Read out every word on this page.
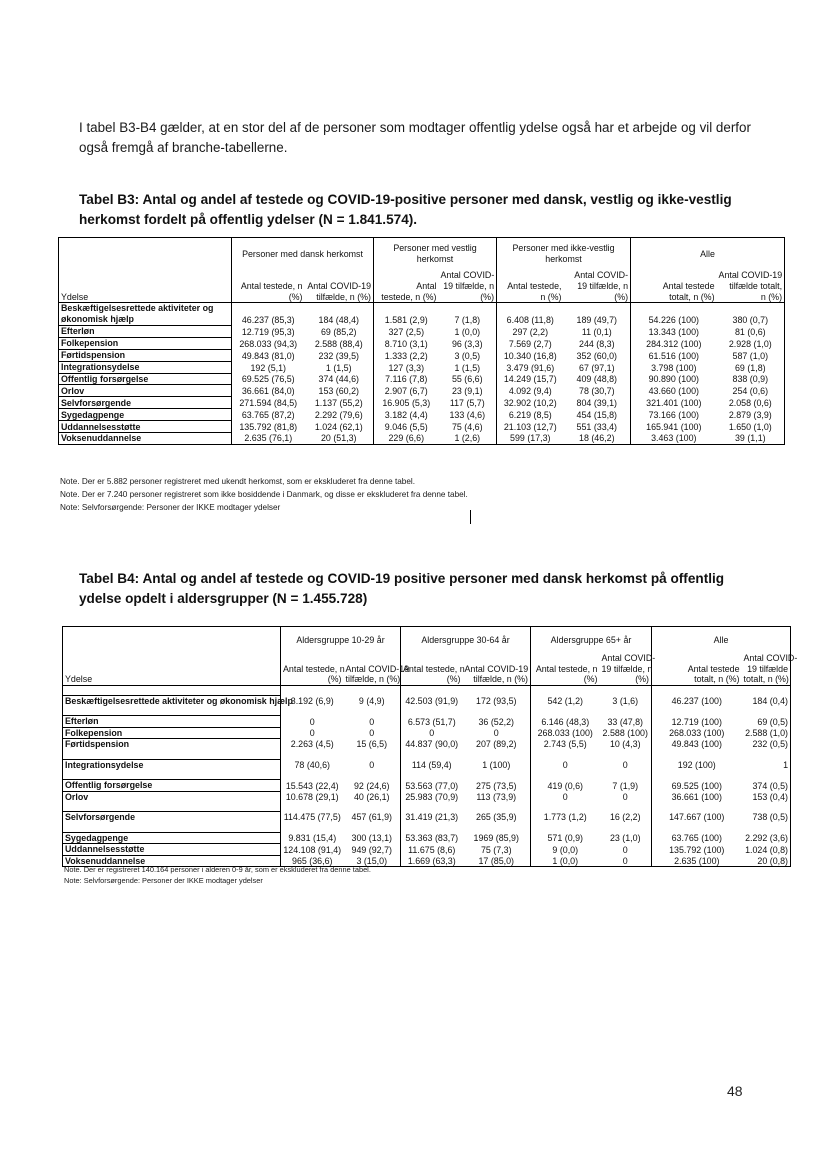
I tabel B3-B4 gælder, at en stor del af de personer som modtager offentlig ydelse også har et arbejde og vil derfor også fremgå af branche-tabellerne.
Tabel B3: Antal og andel af testede og COVID-19-positive personer med dansk, vestlig og ikke-vestlig herkomst fordelt på offentlig ydelser (N = 1.841.574).
	Personer med dansk herkomst		Personer med vestlig herkomst		Personer med ikke-vestlig herkomst		Alle	
				Antal COVID-		Antal COVID-		Antal COVID-19
	Antal testede, n	Antal COVID-19	Antal	19 tilfælde, n	Antal testede,	19 tilfælde, n	Antal testede	tilfælde totalt,
Ydelse	(%)	tilfælde, n (%)	testede, n (%)	(%)	n (%)	(%)	totalt, n (%)	n (%)
Beskæftigelsesrettede aktiviteter og økonomisk hjælp	46.237 (85,3)	184 (48,4)	1.581 (2,9)	7 (1,8)	6.408 (11,8)	189 (49,7)	54.226 (100)	380 (0,7)
Efterløn	12.719 (95,3)	69 (85,2)	327 (2,5)	1 (0,0)	297 (2,2)	11 (0,1)	13.343 (100)	81 (0,6)
Folkepension	268.033 (94,3)	2.588 (88,4)	8.710 (3,1)	96 (3,3)	7.569 (2,7)	244 (8,3)	284.312 (100)	2.928 (1,0)
Førtidspension	49.843 (81,0)	232 (39,5)	1.333 (2,2)	3 (0,5)	10.340 (16,8)	352 (60,0)	61.516 (100)	587 (1,0)
Integrationsydelse	192 (5,1)	1 (1,5)	127 (3,3)	1 (1,5)	3.479 (91,6)	67 (97,1)	3.798 (100)	69 (1,8)
Offentlig forsørgelse	69.525 (76,5)	374 (44,6)	7.116 (7,8)	55 (6,6)	14.249 (15,7)	409 (48,8)	90.890 (100)	838 (0,9)
Orlov	36.661 (84,0)	153 (60,2)	2.907 (6,7)	23 (9,1)	4.092 (9,4)	78 (30,7)	43.660 (100)	254 (0,6)
Selvforsørgende	271.594 (84,5)	1.137 (55,2)	16.905 (5,3)	117 (5,7)	32.902 (10,2)	804 (39,1)	321.401 (100)	2.058 (0,6)
Sygedagpenge	63.765 (87,2)	2.292 (79,6)	3.182 (4,4)	133 (4,6)	6.219 (8,5)	454 (15,8)	73.166 (100)	2.879 (3,9)
Uddannelsesstøtte	135.792 (81,8)	1.024 (62,1)	9.046 (5,5)	75 (4,6)	21.103 (12,7)	551 (33,4)	165.941 (100)	1.650 (1,0)
Voksenuddannelse	2.635 (76,1)	20 (51,3)	229 (6,6)	1 (2,6)	599 (17,3)	18 (46,2)	3.463 (100)	39 (1,1)
Note. Der er 5.882 personer registreret med ukendt herkomst, som er ekskluderet fra denne tabel.
Note. Der er 7.240 personer registreret som ikke bosiddende i Danmark, og disse er ekskluderet fra denne tabel.
Note: Selvforsørgende: Personer der IKKE modtager ydelser
Tabel B4: Antal og andel af testede og COVID-19 positive personer med dansk herkomst på offentlig ydelse opdelt i aldersgrupper (N = 1.455.728)
	Aldersgruppe 10-29 år		Aldersgruppe 30-64 år		Aldersgruppe 65+ år		Alle	
						Antal COVID-		Antal COVID-
	Antal testede, n	Antal COVID-19	Antal testede, n	Antal COVID-19	Antal testede, n	19 tilfælde, n	Antal testede	19 tilfælde
Ydelse	(%)	tilfælde, n (%)	(%)	tilfælde, n (%)	(%)	(%)	totalt, n (%)	totalt, n (%)

Beskæftigelsesrettede aktiviteter og økonomisk hjælp	3.192 (6,9)	9 (4,9)	42.503 (91,9)	172 (93,5)	542 (1,2)	3 (1,6)	46.237 (100)	184 (0,4)

Efterløn	0	0	6.573 (51,7)	36 (52,2)	6.146 (48,3)	33 (47,8)	12.719 (100)	69 (0,5)
Folkepension	0	0	0	0	268.033 (100)	2.588 (100)	268.033 (100)	2.588 (1,0)
Førtidspension	2.263 (4,5)	15 (6,5)	44.837 (90,0)	207 (89,2)	2.743 (5,5)	10 (4,3)	49.843 (100)	232 (0,5)

Integrationsydelse	78 (40,6)	0	114 (59,4)	1 (100)	0	0	192 (100)	1

Offentlig forsørgelse	15.543 (22,4)	92 (24,6)	53.563 (77,0)	275 (73,5)	419 (0,6)	7 (1,9)	69.525 (100)	374 (0,5)
Orlov	10.678 (29,1)	40 (26,1)	25.983 (70,9)	113 (73,9)	0	0	36.661 (100)	153 (0,4)

Selvforsørgende	114.475 (77,5)	457 (61,9)	31.419 (21,3)	265 (35,9)	1.773 (1,2)	16 (2,2)	147.667 (100)	738 (0,5)

Sygedagpenge	9.831 (15,4)	300 (13,1)	53.363 (83,7)	1969 (85,9)	571 (0,9)	23 (1,0)	63.765 (100)	2.292 (3,6)
Uddannelsesstøtte	124.108 (91,4)	949 (92,7)	11.675 (8,6)	75 (7,3)	9 (0,0)	0	135.792 (100)	1.024 (0,8)
Voksenuddannelse	965 (36,6)	3 (15,0)	1.669 (63,3)	17 (85,0)	1 (0,0)	0	2.635 (100)	20 (0,8)
Note. Der er registreret 140.164 personer i alderen 0-9 år, som er ekskluderet fra denne tabel.
Note: Selvforsørgende: Personer der IKKE modtager ydelser
48
